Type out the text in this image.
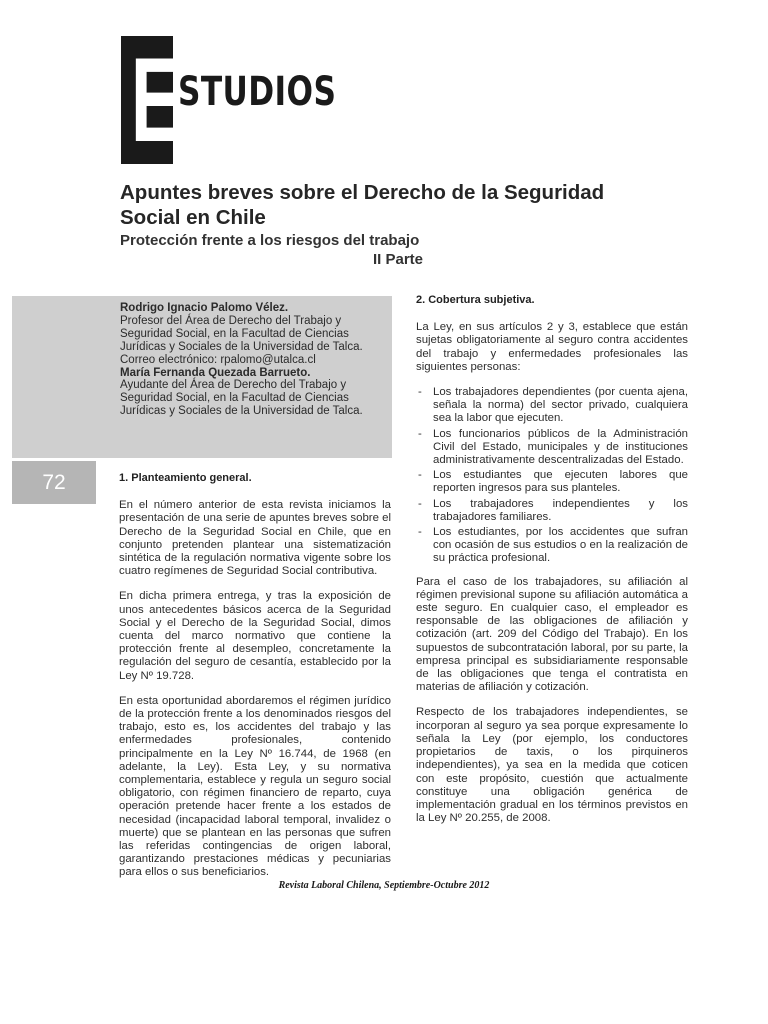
E
STUDIOS
Apuntes breves sobre el Derecho de la Seguridad Social en Chile
Protección frente a los riesgos del trabajo
II Parte
Rodrigo Ignacio Palomo Vélez.
Profesor del Área de Derecho del Trabajo y Seguridad Social, en la Facultad de Ciencias Jurídicas y Sociales de la Universidad de Talca.
Correo electrónico: rpalomo@utalca.cl
María Fernanda Quezada Barrueto.
Ayudante del Área de Derecho del Trabajo y Seguridad Social, en la Facultad de Ciencias Jurídicas y Sociales de la Universidad de Talca.
72	1. Planteamiento general.

En el número anterior de esta revista iniciamos la presentación de una serie de apuntes breves sobre el Derecho de la Seguridad Social en Chile, que en conjunto pretenden plantear una sistematización sintética de la regulación normativa vigente sobre los cuatro regímenes de Seguridad Social contributiva.

En dicha primera entrega, y tras la exposición de unos antecedentes básicos acerca de la Seguridad Social y el Derecho de la Seguridad Social, dimos cuenta del marco normativo que contiene la protección frente al desempleo, concretamente la regulación del seguro de cesantía, establecido por la Ley Nº 19.728.

En esta oportunidad abordaremos el régimen jurídico de la protección frente a los denominados riesgos del trabajo, esto es, los accidentes del trabajo y las enfermedades profesionales, contenido principalmente en la Ley Nº 16.744, de 1968 (en adelante, la Ley). Esta Ley, y su normativa complementaria, establece y regula un seguro social obligatorio, con régimen financiero de reparto, cuya operación pretende hacer frente a los estados de necesidad (incapacidad laboral temporal, invalidez o muerte) que se plantean en las personas que sufren las referidas contingencias de origen laboral, garantizando prestaciones médicas y pecuniarias para ellos o sus beneficiarios.

2. Cobertura subjetiva.

La Ley, en sus artículos 2 y 3, establece que están sujetas obligatoriamente al seguro contra accidentes del trabajo y enfermedades profesionales las siguientes personas:

- Los trabajadores dependientes (por cuenta ajena, señala la norma) del sector privado, cualquiera sea la labor que ejecuten.
- Los funcionarios públicos de la Administración Civil del Estado, municipales y de instituciones administrativamente descentralizadas del Estado.
- Los estudiantes que ejecuten labores que reporten ingresos para sus planteles.
- Los trabajadores independientes y los trabajadores familiares.
- Los estudiantes, por los accidentes que sufran con ocasión de sus estudios o en la realización de su práctica profesional.

Para el caso de los trabajadores, su afiliación al régimen previsional supone su afiliación automática a este seguro. En cualquier caso, el empleador es responsable de las obligaciones de afiliación y cotización (art. 209 del Código del Trabajo). En los supuestos de subcontratación laboral, por su parte, la empresa principal es subsidiariamente responsable de las obligaciones que tenga el contratista en materias de afiliación y cotización.

Respecto de los trabajadores independientes, se incorporan al seguro ya sea porque expresamente lo señala la Ley (por ejemplo, los conductores propietarios de taxis, o los pirquineros independientes), ya sea en la medida que coticen con este propósito, cuestión que actualmente constituye una obligación genérica de implementación gradual en los términos previstos en la Ley Nº 20.255, de 2008.

Revista Laboral Chilena, Septiembre-Octubre 2012
